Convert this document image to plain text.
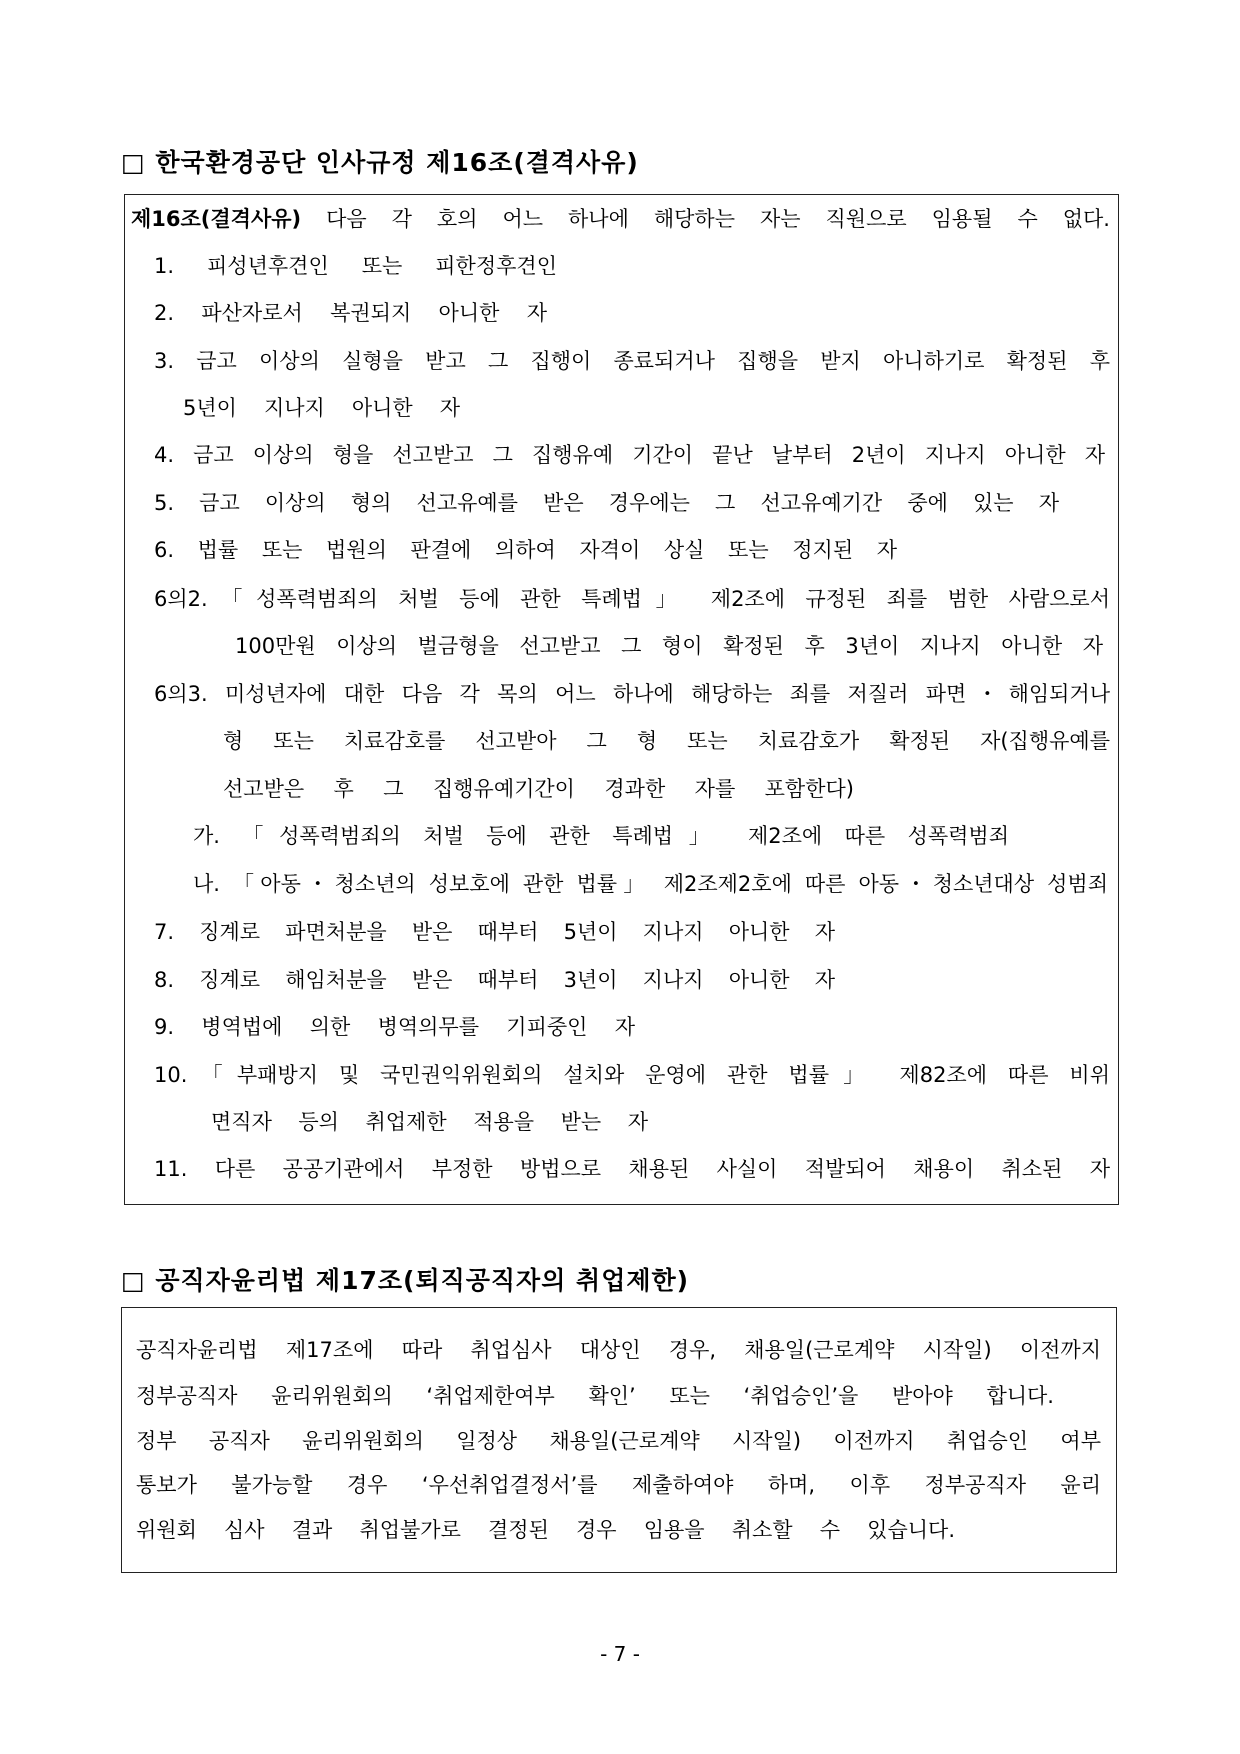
□ 한국환경공단 인사규정 제16조(결격사유)
제16조(결격사유) 다음 각 호의 어느 하나에 해당하는 자는 직원으로 임용될 수 없다.
1. 피성년후견인 또는 피한정후견인
2. 파산자로서 복권되지 아니한 자
3. 금고 이상의 실형을 받고 그 집행이 종료되거나 집행을 받지 아니하기로 확정된 후
5년이 지나지 아니한 자
4. 금고 이상의 형을 선고받고 그 집행유예 기간이 끝난 날부터 2년이 지나지 아니한 자
5. 금고 이상의 형의 선고유예를 받은 경우에는 그 선고유예기간 중에 있는 자
6. 법률 또는 법원의 판결에 의하여 자격이 상실 또는 정지된 자
6의2.「성폭력범죄의 처벌 등에 관한 특례법」 제2조에 규정된 죄를 범한 사람으로서
100만원 이상의 벌금형을 선고받고 그 형이 확정된 후 3년이 지나지 아니한 자
6의3. 미성년자에 대한 다음 각 목의 어느 하나에 해당하는 죄를 저질러 파면・해임되거나
형 또는 치료감호를 선고받아 그 형 또는 치료감호가 확정된 자(집행유예를
선고받은 후 그 집행유예기간이 경과한 자를 포함한다)
가. 「성폭력범죄의 처벌 등에 관한 특례법」 제2조에 따른 성폭력범죄
나. 「아동・청소년의 성보호에 관한 법률」 제2조제2호에 따른 아동・청소년대상 성범죄
7. 징계로 파면처분을 받은 때부터 5년이 지나지 아니한 자
8. 징계로 해임처분을 받은 때부터 3년이 지나지 아니한 자
9. 병역법에 의한 병역의무를 기피중인 자
10.「부패방지 및 국민권익위원회의 설치와 운영에 관한 법률」 제82조에 따른 비위
면직자 등의 취업제한 적용을 받는 자
11. 다른 공공기관에서 부정한 방법으로 채용된 사실이 적발되어 채용이 취소된 자
□ 공직자윤리법 제17조(퇴직공직자의 취업제한)
공직자윤리법 제17조에 따라 취업심사 대상인 경우, 채용일(근로계약 시작일) 이전까지
정부공직자 윤리위원회의 ‘취업제한여부 확인’ 또는 ‘취업승인’을 받아야 합니다.
정부 공직자 윤리위원회의 일정상 채용일(근로계약 시작일) 이전까지 취업승인 여부
통보가 불가능할 경우 ‘우선취업결정서’를 제출하여야 하며, 이후 정부공직자 윤리
위원회 심사 결과 취업불가로 결정된 경우 임용을 취소할 수 있습니다.
- 7 -
